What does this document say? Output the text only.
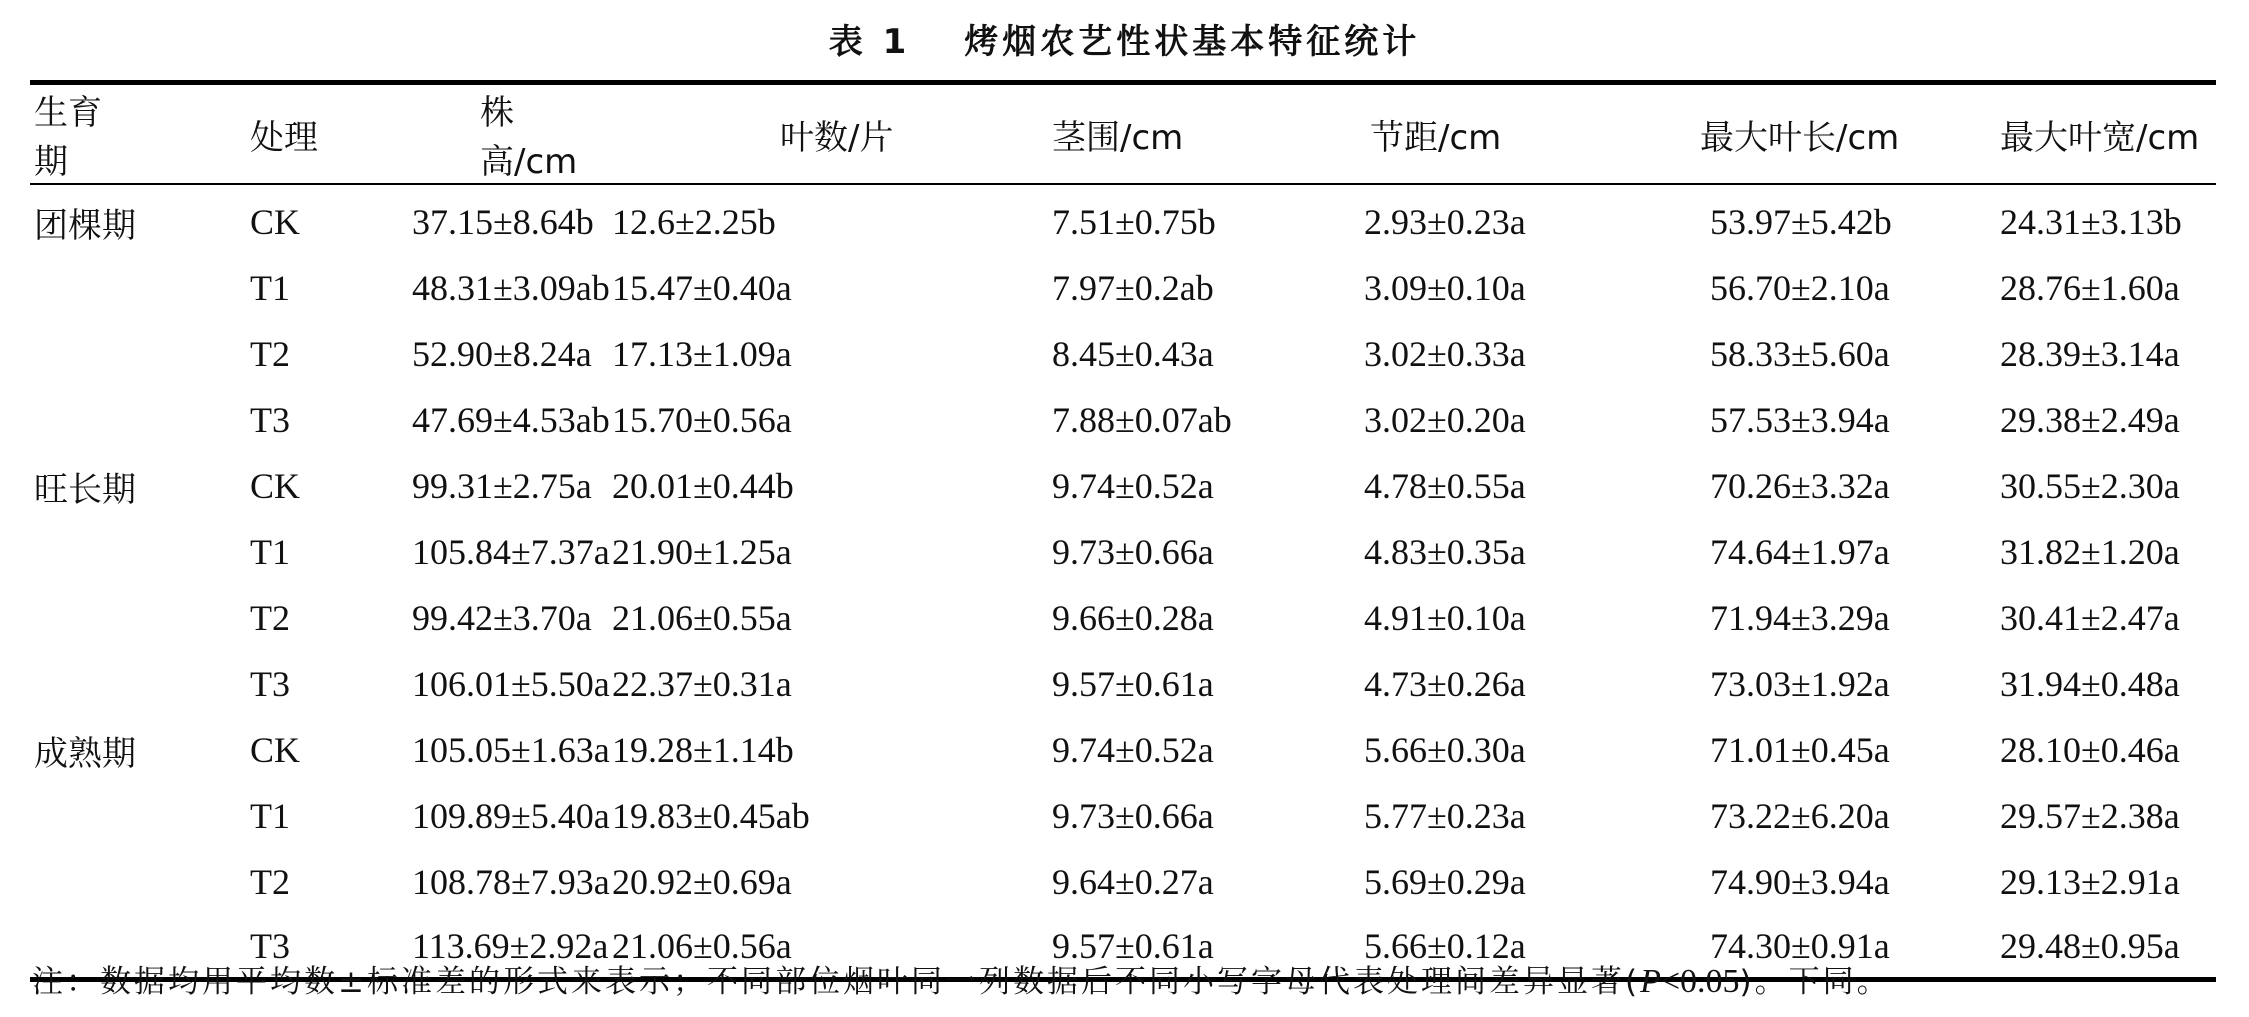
表 1 烤烟农艺性状基本特征统计
生育期	处理	株高/cm	叶数/片	茎围/cm	节距/cm	最大叶长/cm	最大叶宽/cm
团棵期	CK	37.15±8.64b	12.6±2.25b	7.51±0.75b	2.93±0.23a	53.97±5.42b	24.31±3.13b
	T1	48.31±3.09ab	15.47±0.40a	7.97±0.2ab	3.09±0.10a	56.70±2.10a	28.76±1.60a
	T2	52.90±8.24a	17.13±1.09a	8.45±0.43a	3.02±0.33a	58.33±5.60a	28.39±3.14a
	T3	47.69±4.53ab	15.70±0.56a	7.88±0.07ab	3.02±0.20a	57.53±3.94a	29.38±2.49a
旺长期	CK	99.31±2.75a	20.01±0.44b	9.74±0.52a	4.78±0.55a	70.26±3.32a	30.55±2.30a
	T1	105.84±7.37a	21.90±1.25a	9.73±0.66a	4.83±0.35a	74.64±1.97a	31.82±1.20a
	T2	99.42±3.70a	21.06±0.55a	9.66±0.28a	4.91±0.10a	71.94±3.29a	30.41±2.47a
	T3	106.01±5.50a	22.37±0.31a	9.57±0.61a	4.73±0.26a	73.03±1.92a	31.94±0.48a
成熟期	CK	105.05±1.63a	19.28±1.14b	9.74±0.52a	5.66±0.30a	71.01±0.45a	28.10±0.46a
	T1	109.89±5.40a	19.83±0.45ab	9.73±0.66a	5.77±0.23a	73.22±6.20a	29.57±2.38a
	T2	108.78±7.93a	20.92±0.69a	9.64±0.27a	5.69±0.29a	74.90±3.94a	29.13±2.91a
	T3	113.69±2.92a	21.06±0.56a	9.57±0.61a	5.66±0.12a	74.30±0.91a	29.48±0.95a
注：数据均用平均数±标准差的形式来表示；不同部位烟叶同一列数据后不同小写字母代表处理间差异显著(P<0.05)。下同。
